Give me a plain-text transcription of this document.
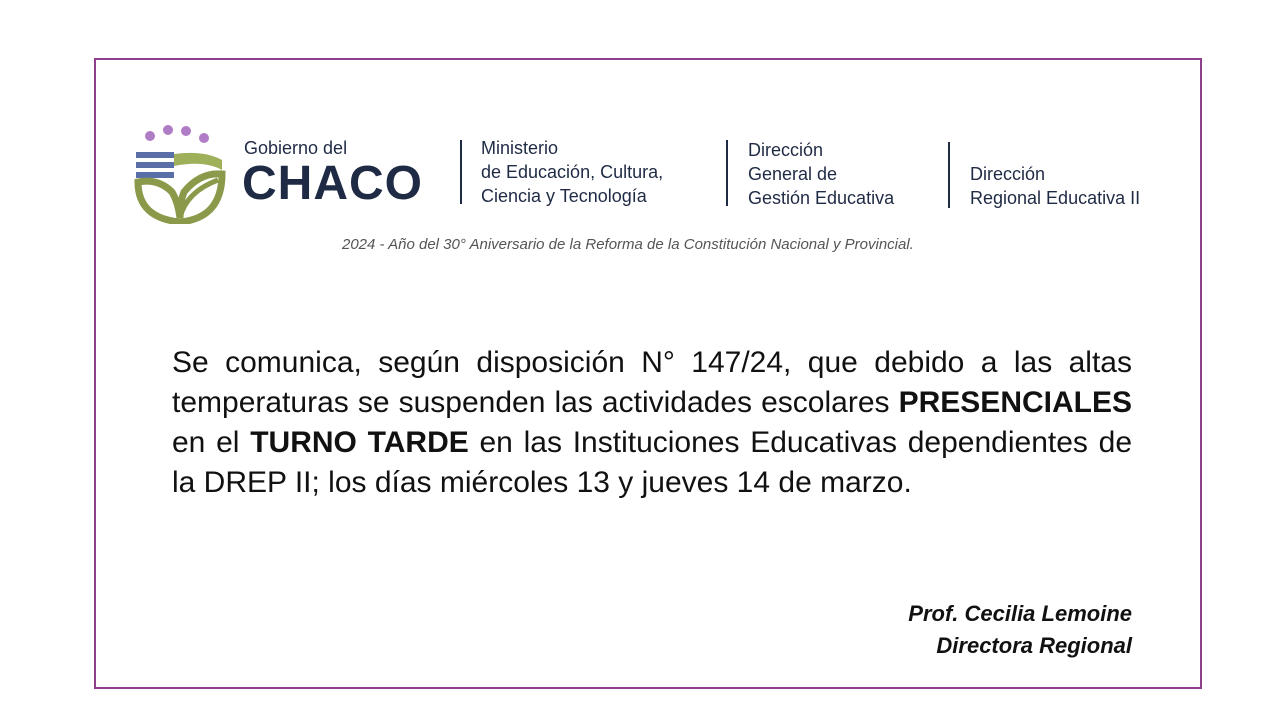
Gobierno del
CHACO
Ministerio
de Educación, Cultura,
Ciencia y Tecnología
Dirección
General de
Gestión Educativa
Dirección
Regional Educativa II
2024 - Año del 30° Aniversario de la Reforma de la Constitución Nacional y Provincial.
Se comunica, según disposición N° 147/24, que debido a las altas temperaturas se suspenden las actividades escolares PRESENCIALES en el TURNO TARDE en las Instituciones Educativas dependientes de la DREP II; los días miércoles 13 y jueves 14 de marzo.
Prof. Cecilia Lemoine
Directora Regional
